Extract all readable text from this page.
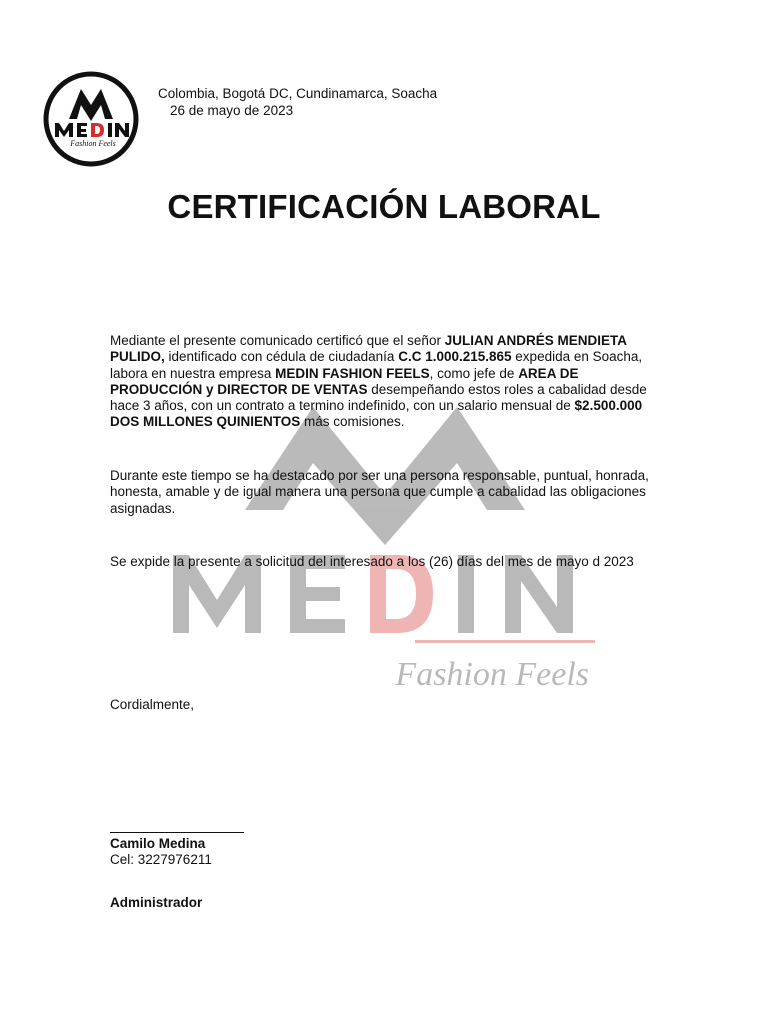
Fashion Feels
Fashion Feels
Colombia, Bogotá DC, Cundinamarca, Soacha
26 de mayo de 2023
CERTIFICACIÓN LABORAL
Mediante el presente comunicado certificó que el señor JULIAN ANDRÉS MENDIETA PULIDO, identificado con cédula de ciudadanía C.C 1.000.215.865 expedida en Soacha, labora en nuestra empresa MEDIN FASHION FEELS, como jefe de AREA DE PRODUCCIÓN y DIRECTOR DE VENTAS desempeñando estos roles a cabalidad desde hace 3 años, con un contrato a termino indefinido, con un salario mensual de $2.500.000 DOS MILLONES QUINIENTOS más comisiones.
Durante este tiempo se ha destacado por ser una persona responsable, puntual, honrada, honesta, amable y de igual manera una persona que cumple a cabalidad las obligaciones asignadas.
Se expide la presente a solicitud del interesado a los (26) días del mes de mayo d 2023
Cordialmente,
Camilo Medina
Cel: 3227976211
Administrador
